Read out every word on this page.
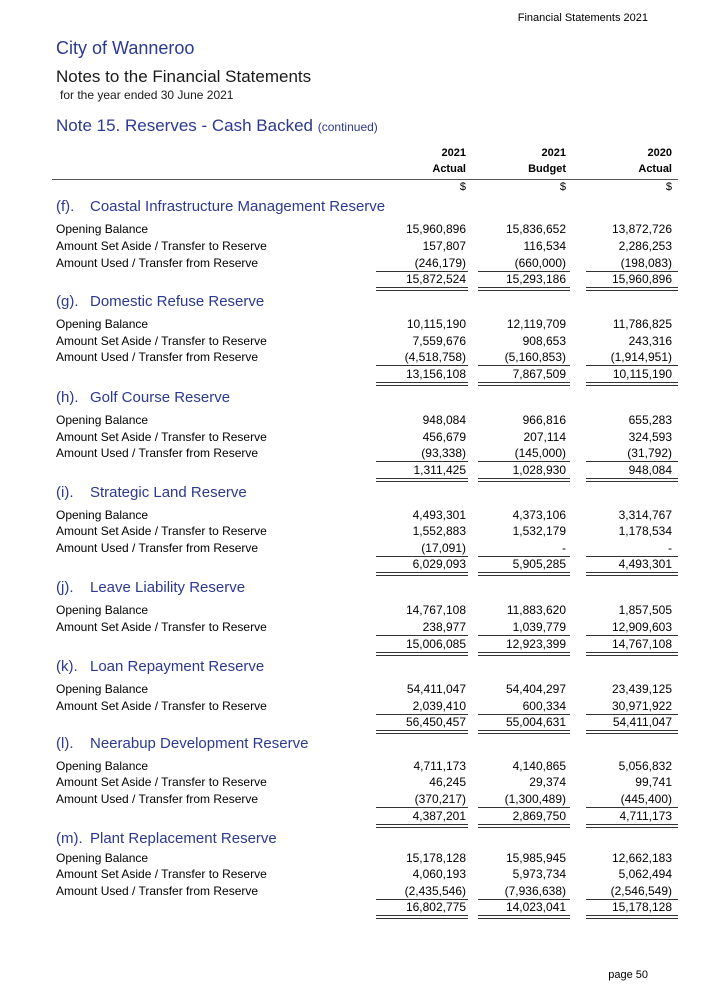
Financial Statements 2021
City of Wanneroo
Notes to the Financial Statements
for the year ended 30 June 2021
Note 15. Reserves - Cash Backed (continued)
2021	2021	2020
Actual	Budget	Actual
$	$	$
(f). Coastal Infrastructure Management Reserve
Opening Balance	15,960,896	15,836,652	13,872,726
Amount Set Aside / Transfer to Reserve	157,807	116,534	2,286,253
Amount Used / Transfer from Reserve	(246,179)	(660,000)	(198,083)
15,872,524	15,293,186	15,960,896
(g). Domestic Refuse Reserve
Opening Balance	10,115,190	12,119,709	11,786,825
Amount Set Aside / Transfer to Reserve	7,559,676	908,653	243,316
Amount Used / Transfer from Reserve	(4,518,758)	(5,160,853)	(1,914,951)
13,156,108	7,867,509	10,115,190
(h). Golf Course Reserve
Opening Balance	948,084	966,816	655,283
Amount Set Aside / Transfer to Reserve	456,679	207,114	324,593
Amount Used / Transfer from Reserve	(93,338)	(145,000)	(31,792)
1,311,425	1,028,930	948,084
(i). Strategic Land Reserve
Opening Balance	4,493,301	4,373,106	3,314,767
Amount Set Aside / Transfer to Reserve	1,552,883	1,532,179	1,178,534
Amount Used / Transfer from Reserve	(17,091)	-	-
6,029,093	5,905,285	4,493,301
(j). Leave Liability Reserve
Opening Balance	14,767,108	11,883,620	1,857,505
Amount Set Aside / Transfer to Reserve	238,977	1,039,779	12,909,603
15,006,085	12,923,399	14,767,108
(k). Loan Repayment Reserve
Opening Balance	54,411,047	54,404,297	23,439,125
Amount Set Aside / Transfer to Reserve	2,039,410	600,334	30,971,922
56,450,457	55,004,631	54,411,047
(l). Neerabup Development Reserve
Opening Balance	4,711,173	4,140,865	5,056,832
Amount Set Aside / Transfer to Reserve	46,245	29,374	99,741
Amount Used / Transfer from Reserve	(370,217)	(1,300,489)	(445,400)
4,387,201	2,869,750	4,711,173
(m). Plant Replacement Reserve
Opening Balance	15,178,128	15,985,945	12,662,183
Amount Set Aside / Transfer to Reserve	4,060,193	5,973,734	5,062,494
Amount Used / Transfer from Reserve	(2,435,546)	(7,936,638)	(2,546,549)
16,802,775	14,023,041	15,178,128
page 50
